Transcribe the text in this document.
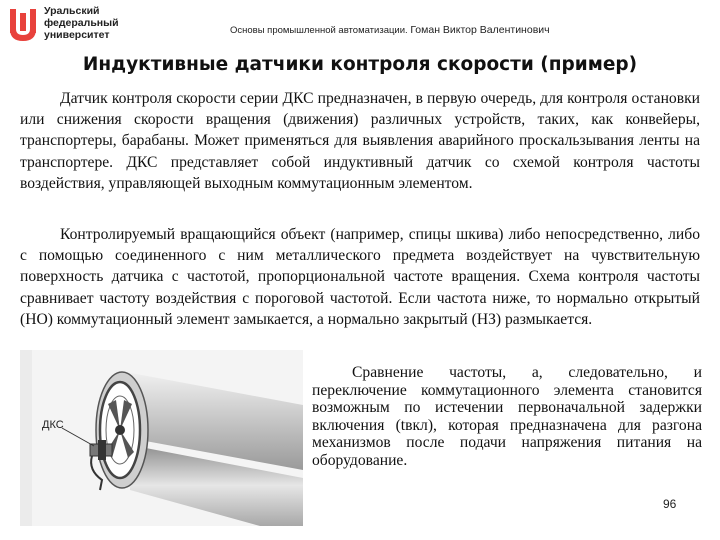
Уральский
федеральный
университет	Основы промышленной автоматизации. Гоман Виктор Валентинович
Индуктивные датчики контроля скорости (пример)

Датчик контроля скорости серии ДКС предназначен, в первую очередь, для контроля остановки или снижения скорости вращения (движения) различных устройств, таких, как конвейеры, транспортеры, барабаны. Может применяться для выявления аварийного проскальзывания ленты на транспортере. ДКС представляет собой индуктивный датчик со схемой контроля частоты воздействия, управляющей выходным коммутационным элементом.

Контролируемый вращающийся объект (например, спицы шкива) либо непосредственно, либо с помощью соединенного с ним металлического предмета воздействует на чувствительную поверхность датчика с частотой, пропорциональной частоте вращения. Схема контроля частоты сравнивает частоту воздействия с пороговой частотой. Если частота ниже, то нормально открытый (НО) коммутационный элемент замыкается, а нормально закрытый (НЗ) размыкается.

ДКС

Сравнение частоты, а, следовательно, и переключение коммутационного элемента становится возможным по истечении первоначальной задержки включения (tвкл), которая предназначена для разгона механизмов после подачи напряжения питания на оборудование.

96
